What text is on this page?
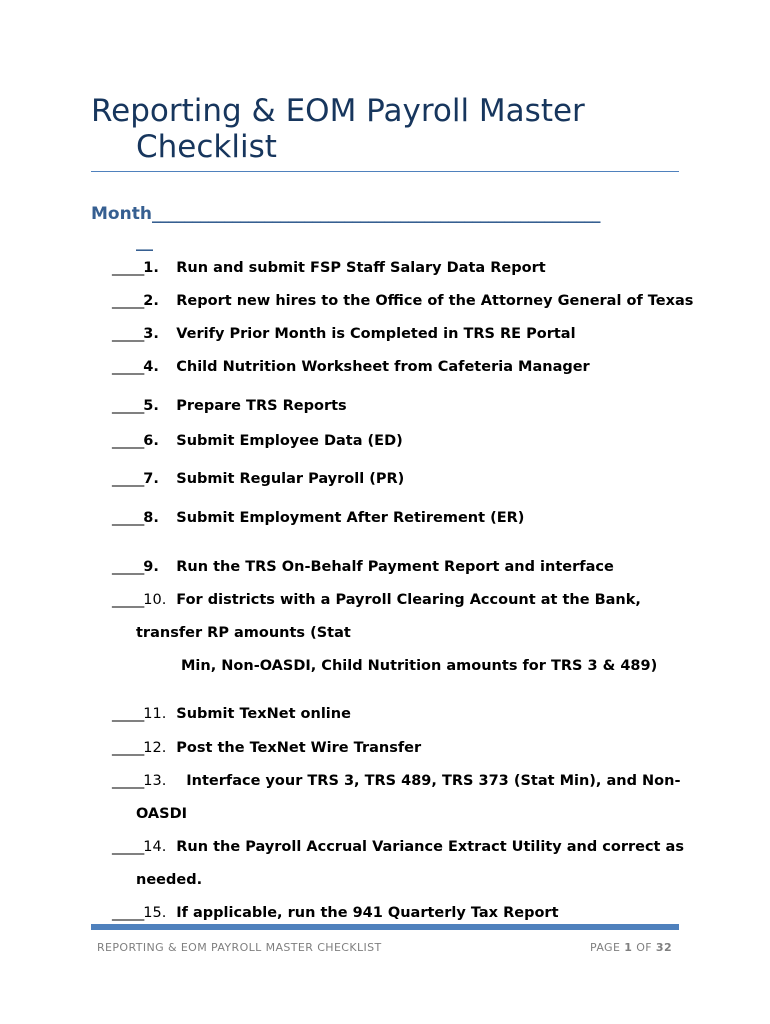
Reporting & EOM Payroll Master
Checklist
Month________________________________________________________
__
_____1. Run and submit FSP Staff Salary Data Report
_____2. Report new hires to the Office of the Attorney General of Texas
_____3. Verify Prior Month is Completed in TRS RE Portal
_____4. Child Nutrition Worksheet from Cafeteria Manager
_____5. Prepare TRS Reports
_____6. Submit Employee Data (ED)
_____7. Submit Regular Payroll (PR)
_____8. Submit Employment After Retirement (ER)
_____9. Run the TRS On-Behalf Payment Report and interface
_____10. For districts with a Payroll Clearing Account at the Bank,
transfer RP amounts (Stat
Min, Non-OASDI, Child Nutrition amounts for TRS 3 & 489)
_____11. Submit TexNet online
_____12. Post the TexNet Wire Transfer
_____13. Interface your TRS 3, TRS 489, TRS 373 (Stat Min), and Non-
OASDI
_____14. Run the Payroll Accrual Variance Extract Utility and correct as
needed.
_____15. If applicable, run the 941 Quarterly Tax Report
REPORTING & EOM PAYROLL MASTER CHECKLIST	PAGE 1 OF 32
